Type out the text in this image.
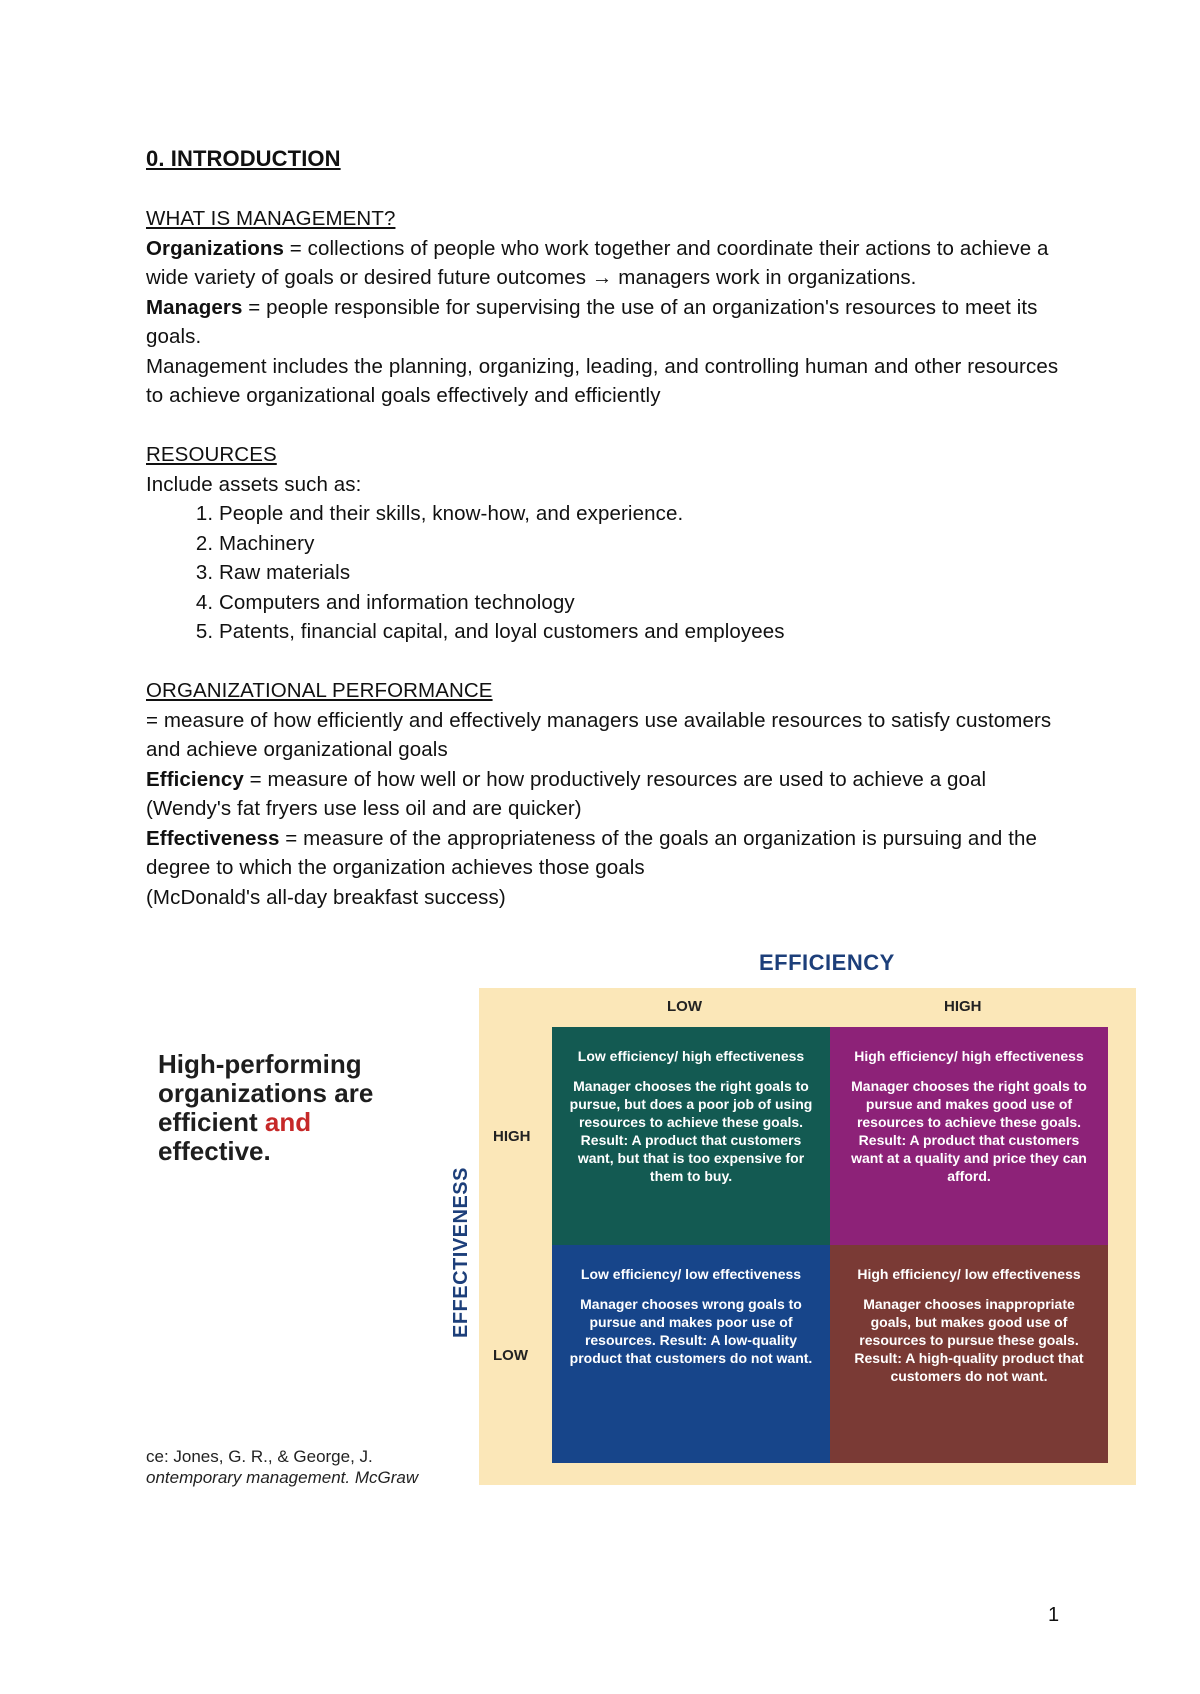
0. INTRODUCTION

WHAT IS MANAGEMENT?

Organizations = collections of people who work together and coordinate their actions to achieve a wide variety of goals or desired future outcomes → managers work in organizations.

Managers = people responsible for supervising the use of an organization's resources to meet its goals.

Management includes the planning, organizing, leading, and controlling human and other resources to achieve organizational goals effectively and efficiently

RESOURCES

Include assets such as:

1. People and their skills, know-how, and experience.
2. Machinery
3. Raw materials
4. Computers and information technology
5. Patents, financial capital, and loyal customers and employees

ORGANIZATIONAL PERFORMANCE

= measure of how efficiently and effectively managers use available resources to satisfy customers and achieve organizational goals

Efficiency = measure of how well or how productively resources are used to achieve a goal

(Wendy's fat fryers use less oil and are quicker)

Effectiveness = measure of the appropriateness of the goals an organization is pursuing and the degree to which the organization achieves those goals

(McDonald's all-day breakfast success)

EFFICIENCY
LOW	HIGH
HIGH
LOW
EFFECTIVENESS
Low efficiency/ high effectiveness
Manager chooses the right goals to pursue, but does a poor job of using resources to achieve these goals. Result: A product that customers want, but that is too expensive for them to buy.
High efficiency/ high effectiveness
Manager chooses the right goals to pursue and makes good use of resources to achieve these goals. Result: A product that customers want at a quality and price they can afford.
Low efficiency/ low effectiveness
Manager chooses wrong goals to pursue and makes poor use of resources. Result: A low-quality product that customers do not want.
High efficiency/ low effectiveness
Manager chooses inappropriate goals, but makes good use of resources to pursue these goals. Result: A high-quality product that customers do not want.
High-performing
organizations are
efficient and
effective.
ce: Jones, G. R., & George, J.
ontemporary management. McGraw
1
